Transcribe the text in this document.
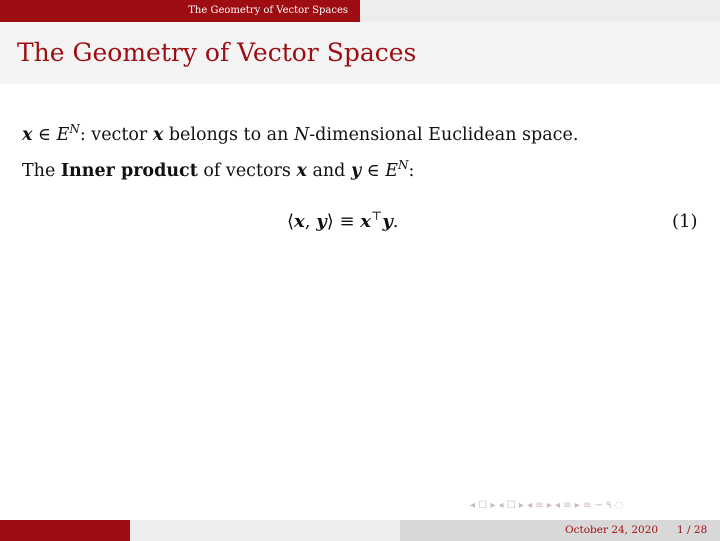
The Geometry of Vector Spaces
The Geometry of Vector Spaces
x ∈ $E^N$: vector x belongs to an N-dimensional Euclidean space.
The Inner product of vectors x and y ∈ $E^N$:
⟨x, y⟩ ≡ x⊤y.	(1)
◂ ☐ ▸ ◂ ☐ ▸ ◂ ≡ ▸ ◂ ≡ ▸ ≡ ∽ ٩ ◌
October 24, 2020 1 / 28
